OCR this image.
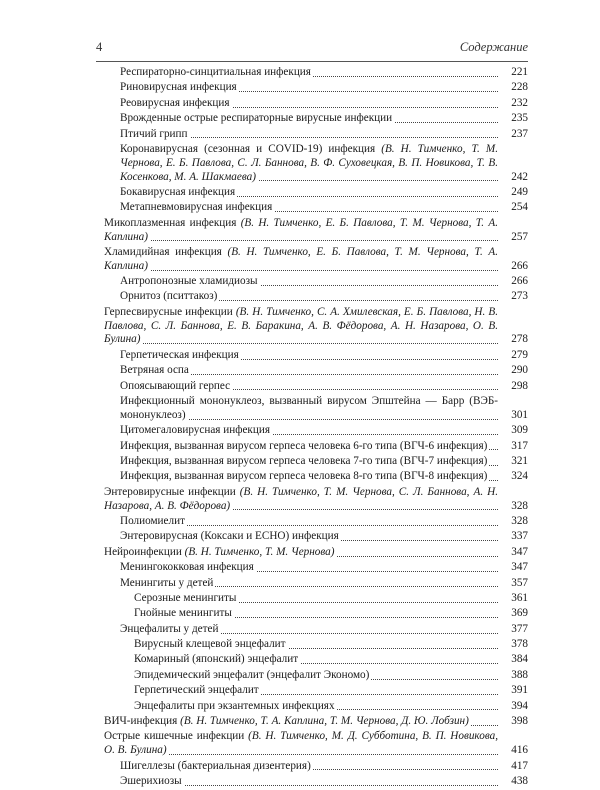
4	Содержание
Респираторно-синцитиальная инфекция	221
Риновирусная инфекция	228
Реовирусная инфекция	232
Врожденные острые респираторные вирусные инфекции	235
Птичий грипп	237
Коронавирусная (сезонная и COVID-19) инфекция (В. Н. Тимченко, Т. М. Чернова, Е. Б. Павлова, С. Л. Баннова, В. Ф. Суховецкая, В. П. Новикова, Т. В. Косенкова, М. А. Шакмаева)	242
Бокавирусная инфекция	249
Метапневмовирусная инфекция	254
Микоплазменная инфекция (В. Н. Тимченко, Е. Б. Павлова, Т. М. Чернова, Т. А. Каплина)	257
Хламидийная инфекция (В. Н. Тимченко, Е. Б. Павлова, Т. М. Чернова, Т. А. Каплина)	266
Антропонозные хламидиозы	266
Орнитоз (пситтакоз)	273
Герпесвирусные инфекции (В. Н. Тимченко, С. А. Хмилевская, Е. Б. Павлова, Н. В. Павлова, С. Л. Баннова, Е. В. Баракина, А. В. Фёдорова, А. Н. Назарова, О. В. Булина)	278
Герпетическая инфекция	279
Ветряная оспа	290
Опоясывающий герпес	298
Инфекционный мононуклеоз, вызванный вирусом Эпштейна — Барр (ВЭБ-мононуклеоз)	301
Цитомегаловирусная инфекция	309
Инфекция, вызванная вирусом герпеса человека 6-го типа (ВГЧ-6 инфекция)	317
Инфекция, вызванная вирусом герпеса человека 7-го типа (ВГЧ-7 инфекция)	321
Инфекция, вызванная вирусом герпеса человека 8-го типа (ВГЧ-8 инфекция)	324
Энтеровирусные инфекции (В. Н. Тимченко, Т. М. Чернова, С. Л. Баннова, А. Н. Назарова, А. В. Фёдорова)	328
Полиомиелит	328
Энтеровирусная (Коксаки и ECHO) инфекция	337
Нейроинфекции (В. Н. Тимченко, Т. М. Чернова)	347
Менингококковая инфекция	347
Менингиты у детей	357
Серозные менингиты	361
Гнойные менингиты	369
Энцефалиты у детей	377
Вирусный клещевой энцефалит	378
Комариный (японский) энцефалит	384
Эпидемический энцефалит (энцефалит Экономо)	388
Герпетический энцефалит	391
Энцефалиты при экзантемных инфекциях	394
ВИЧ-инфекция (В. Н. Тимченко, Т. А. Каплина, Т. М. Чернова, Д. Ю. Лобзин)	398
Острые кишечные инфекции (В. Н. Тимченко, М. Д. Субботина, В. П. Новикова, О. В. Булина)	416
Шигеллезы (бактериальная дизентерия)	417
Эшерихиозы	438
